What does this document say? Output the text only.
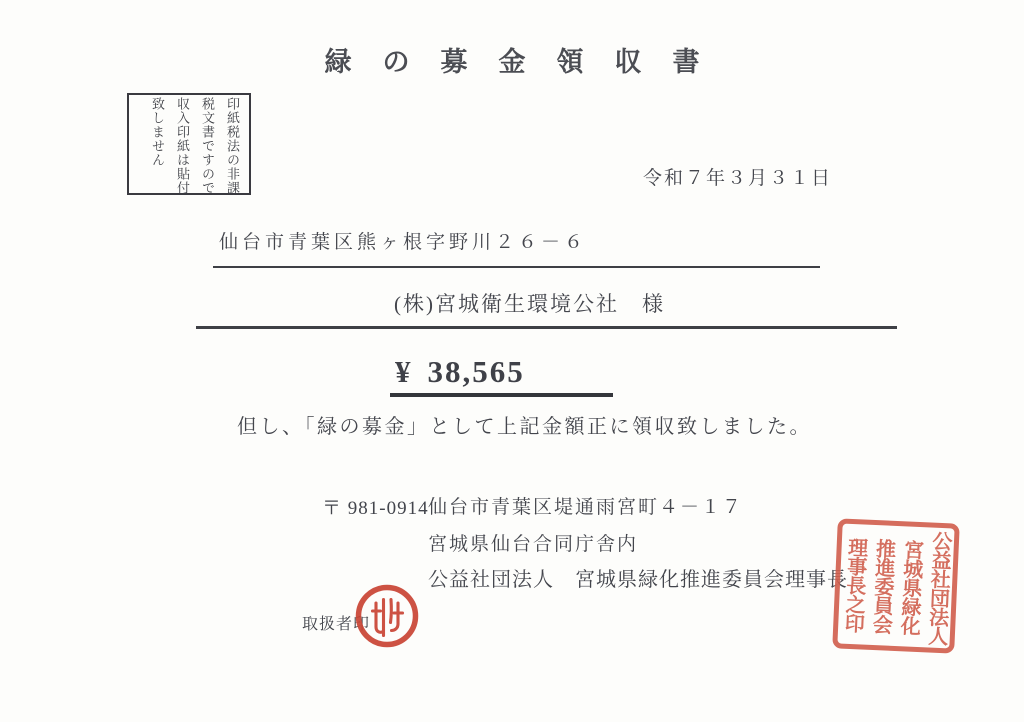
緑の募金領収書
印紙税法の非課
税文書ですので
収入印紙は貼付
致しません
令和７年３月３１日
仙台市青葉区熊ヶ根字野川２６－６
(株)宮城衛生環境公社　様
¥ 38,565
但し、「緑の募金」として上記金額正に領収致しました。
〒 981-0914 仙台市青葉区堤通雨宮町４－１７
宮城県仙台合同庁舎内
公益社団法人　宮城県緑化推進委員会理事長
取扱者印	公益社団法人
宮城県緑化
推進委員会
理事長之印
